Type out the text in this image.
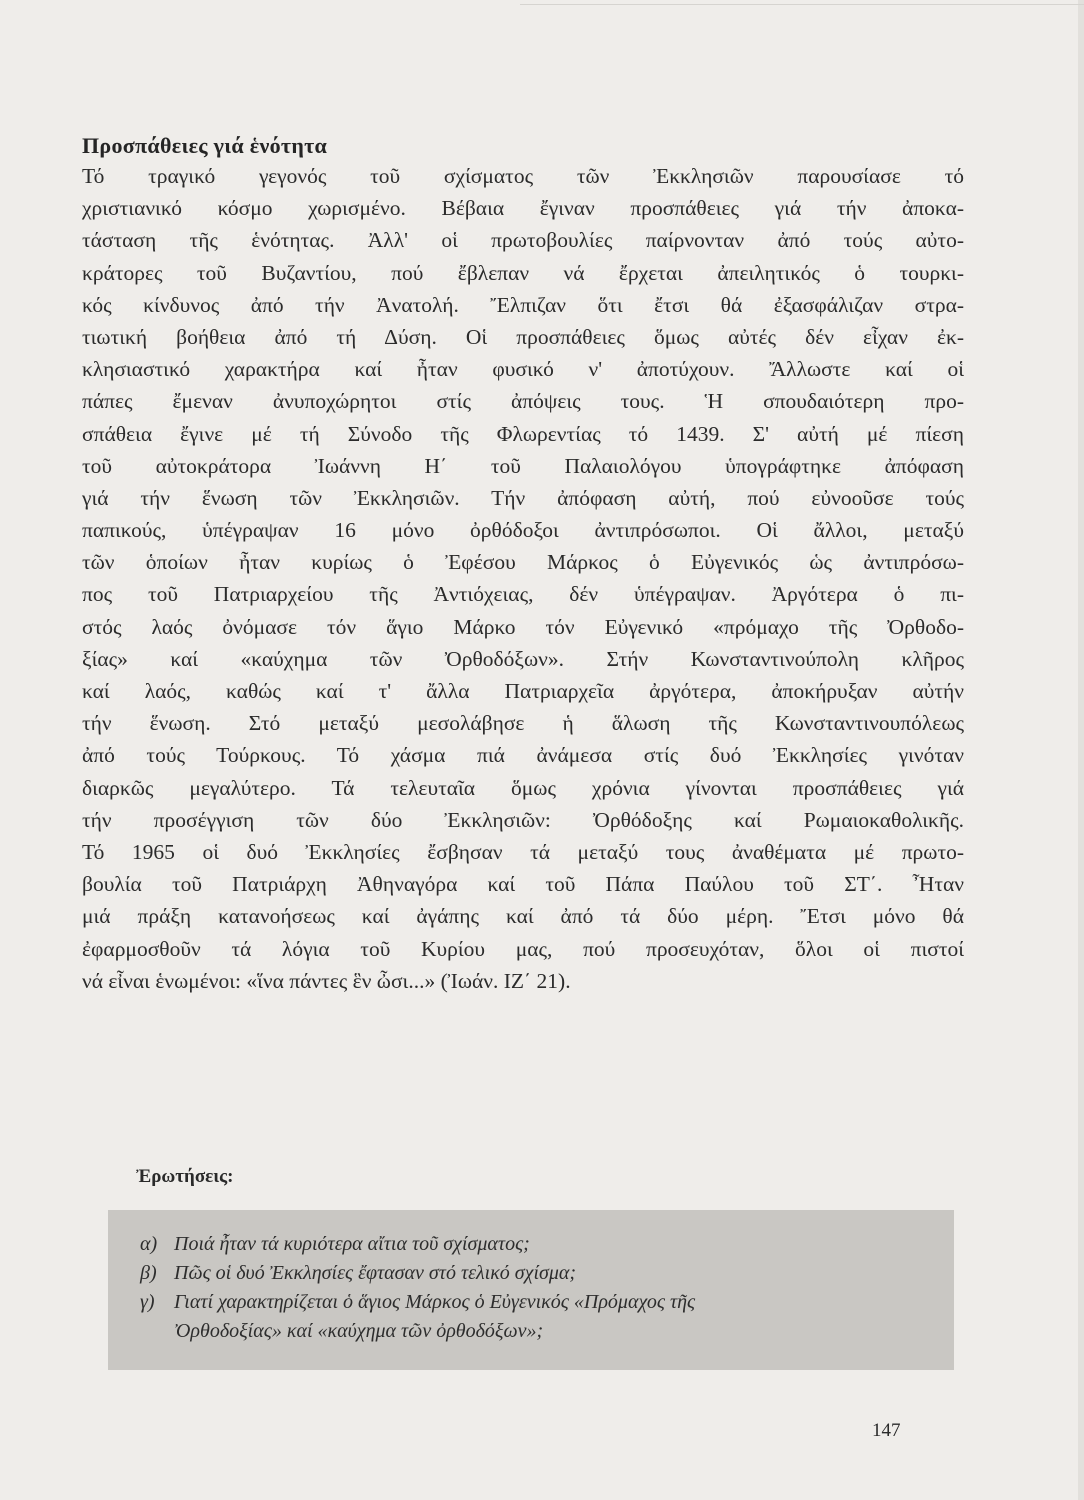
Προσπάθειες γιά ἑνότητα
Τό τραγικό γεγονός τοῦ σχίσματος τῶν Ἐκκλησιῶν παρουσίασε τό
χριστιανικό κόσμο χωρισμένο. Βέβαια ἔγιναν προσπάθειες γιά τήν ἀποκα-
τάσταση τῆς ἑνότητας. Ἀλλ' οἱ πρωτοβουλίες παίρνονταν ἀπό τούς αὐτο-
κράτορες τοῦ Βυζαντίου, πού ἔβλεπαν νά ἔρχεται ἀπειλητικός ὁ τουρκι-
κός κίνδυνος ἀπό τήν Ἀνατολή. Ἔλπιζαν ὅτι ἔτσι θά ἐξασφάλιζαν στρα-
τιωτική βοήθεια ἀπό τή Δύση. Οἱ προσπάθειες ὅμως αὐτές δέν εἶχαν ἐκ-
κλησιαστικό χαρακτήρα καί ἦταν φυσικό ν' ἀποτύχουν. Ἄλλωστε καί οἱ
πάπες ἔμεναν ἀνυποχώρητοι στίς ἀπόψεις τους. Ἡ σπουδαιότερη προ-
σπάθεια ἔγινε μέ τή Σύνοδο τῆς Φλωρεντίας τό 1439. Σ' αὐτή μέ πίεση
τοῦ αὐτοκράτορα Ἰωάννη Η΄ τοῦ Παλαιολόγου ὑπογράφτηκε ἀπόφαση
γιά τήν ἕνωση τῶν Ἐκκλησιῶν. Τήν ἀπόφαση αὐτή, πού εὐνοοῦσε τούς
παπικούς, ὑπέγραψαν 16 μόνο ὀρθόδοξοι ἀντιπρόσωποι. Οἱ ἄλλοι, μεταξύ
τῶν ὁποίων ἦταν κυρίως ὁ Ἐφέσου Μάρκος ὁ Εὐγενικός ὡς ἀντιπρόσω-
πος τοῦ Πατριαρχείου τῆς Ἀντιόχειας, δέν ὑπέγραψαν. Ἀργότερα ὁ πι-
στός λαός ὀνόμασε τόν ἅγιο Μάρκο τόν Εὐγενικό «πρόμαχο τῆς Ὀρθοδο-
ξίας» καί «καύχημα τῶν Ὀρθοδόξων». Στήν Κωνσταντινούπολη κλῆρος
καί λαός, καθώς καί τ' ἄλλα Πατριαρχεῖα ἀργότερα, ἀποκήρυξαν αὐτήν
τήν ἕνωση. Στό μεταξύ μεσολάβησε ἡ ἅλωση τῆς Κωνσταντινουπόλεως
ἀπό τούς Τούρκους. Τό χάσμα πιά ἀνάμεσα στίς δυό Ἐκκλησίες γινόταν
διαρκῶς μεγαλύτερο. Τά τελευταῖα ὅμως χρόνια γίνονται προσπάθειες γιά
τήν προσέγγιση τῶν δύο Ἐκκλησιῶν: Ὀρθόδοξης καί Ρωμαιοκαθολικῆς.
Τό 1965 οἱ δυό Ἐκκλησίες ἔσβησαν τά μεταξύ τους ἀναθέματα μέ πρωτο-
βουλία τοῦ Πατριάρχη Ἀθηναγόρα καί τοῦ Πάπα Παύλου τοῦ ΣΤ΄. Ἦταν
μιά πράξη κατανοήσεως καί ἀγάπης καί ἀπό τά δύο μέρη. Ἔτσι μόνο θά
ἐφαρμοσθοῦν τά λόγια τοῦ Κυρίου μας, πού προσευχόταν, ὅλοι οἱ πιστοί
νά εἶναι ἑνωμένοι: «ἵνα πάντες ἓν ὦσι...» (Ἰωάν. ΙΖ΄ 21).
Ἐρωτήσεις:
α) Ποιά ἦταν τά κυριότερα αἴτια τοῦ σχίσματος;
β) Πῶς οἱ δυό Ἐκκλησίες ἔφτασαν στό τελικό σχίσμα;
γ) Γιατί χαρακτηρίζεται ὁ ἅγιος Μάρκος ὁ Εὐγενικός «Πρόμαχος τῆς
Ὀρθοδοξίας» καί «καύχημα τῶν ὀρθοδόξων»;
147
